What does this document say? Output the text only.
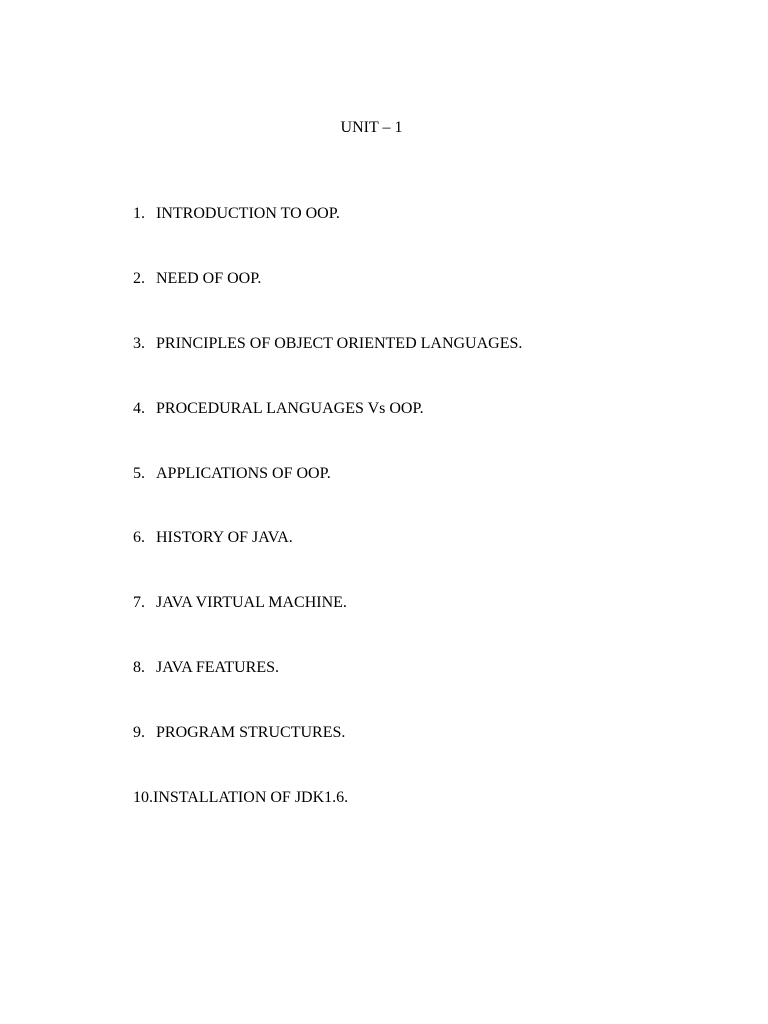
UNIT – 1
1. INTRODUCTION TO OOP.
2. NEED OF OOP.
3. PRINCIPLES OF OBJECT ORIENTED LANGUAGES.
4. PROCEDURAL LANGUAGES Vs OOP.
5. APPLICATIONS OF OOP.
6. HISTORY OF JAVA.
7. JAVA VIRTUAL MACHINE.
8. JAVA FEATURES.
9. PROGRAM STRUCTURES.
10.INSTALLATION OF JDK1.6.
